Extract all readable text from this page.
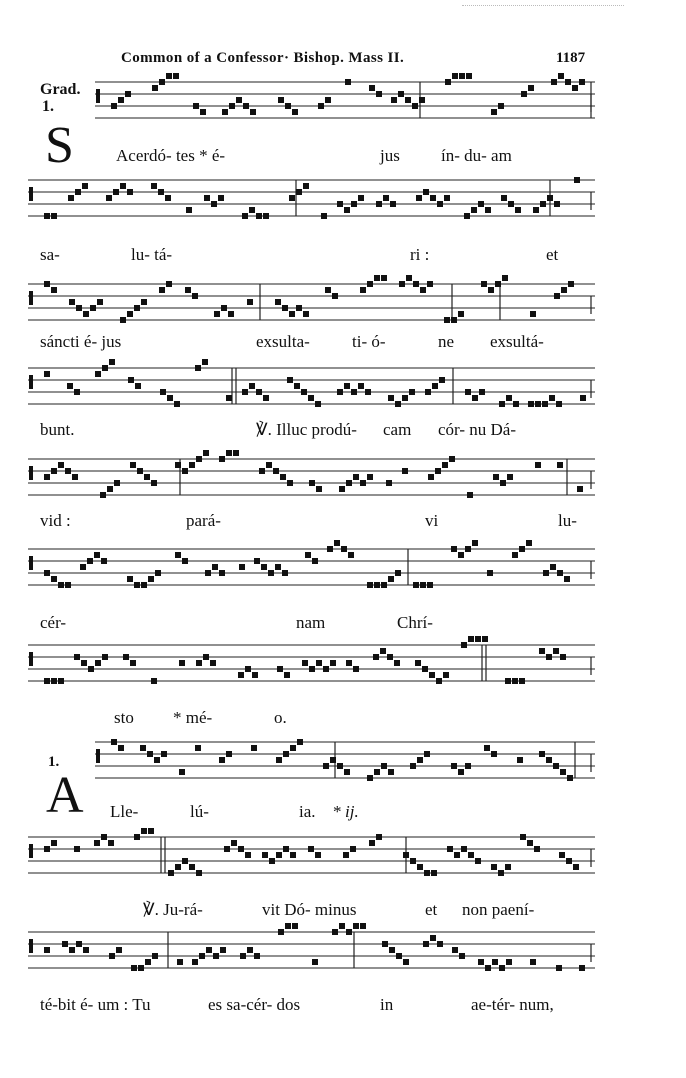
Common of a Confessor· Bishop. Mass II.	1187
Grad.
1.
S
1.
A
Acerdó- tes * é-	jus ín- du- am
sa-	lu- tá-	ri :	et
sáncti é- jus	exsulta- ti- ó-	ne exsultá-
bunt.	℣. Illuc prodú- cam cór- nu Dá-
vid :	pará-	vi	lu-
cér-	nam	Chrí-
sto * mé-	o.
Lle-	lú-	ia. * ij.
℣. Ju-rá-	vit Dó- minus	et non paení-
té-bit é- um : Tu	es sa-cér- dos	in	ae-tér- num,
